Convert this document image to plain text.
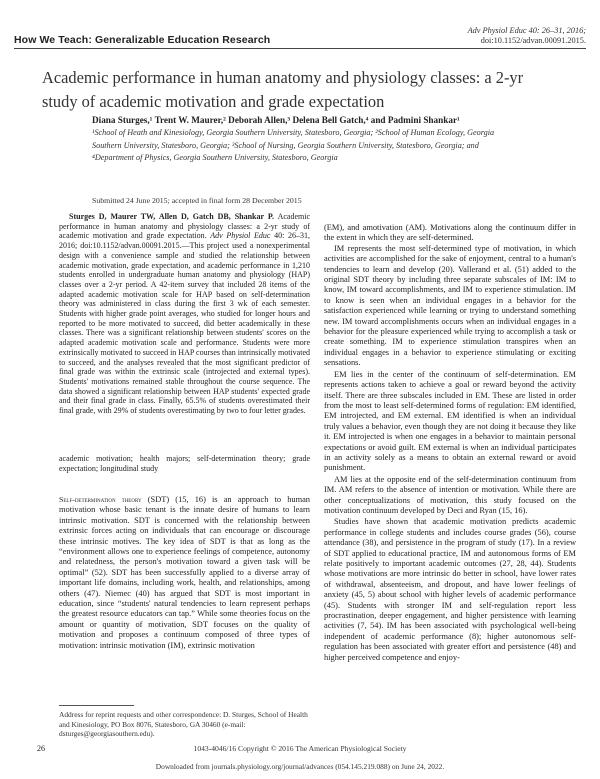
How We Teach: Generalizable Education Research
Adv Physiol Educ 40: 26–31, 2016;
doi:10.1152/advan.00091.2015.
Academic performance in human anatomy and physiology classes: a 2-yr study of academic motivation and grade expectation
Diana Sturges,¹ Trent W. Maurer,² Deborah Allen,³ Delena Bell Gatch,⁴ and Padmini Shankar¹
¹School of Heath and Kinesiology, Georgia Southern University, Statesboro, Georgia; ²School of Human Ecology, Georgia
Southern University, Statesboro, Georgia; ³School of Nursing, Georgia Southern University, Statesboro, Georgia; and
⁴Department of Physics, Georgia Southern University, Statesboro, Georgia
Submitted 24 June 2015; accepted in final form 28 December 2015

Sturges D, Maurer TW, Allen D, Gatch DB, Shankar P. Academic performance in human anatomy and physiology classes: a 2-yr study of academic motivation and grade expectation. Adv Physiol Educ 40: 26–31, 2016; doi:10.1152/advan.00091.2015.—This project used a nonexperimental design with a convenience sample and studied the relationship between academic motivation, grade expectation, and academic performance in 1,210 students enrolled in undergraduate human anatomy and physiology (HAP) classes over a 2-yr period. A 42-item survey that included 28 items of the adapted academic motivation scale for HAP based on self-determination theory was administered in class during the first 3 wk of each semester. Students with higher grade point averages, who studied for longer hours and reported to be more motivated to succeed, did better academically in these classes. There was a significant relationship between students' scores on the adapted academic motivation scale and performance. Students were more extrinsically motivated to succeed in HAP courses than intrinsically motivated to succeed, and the analyses revealed that the most significant predictor of final grade was within the extrinsic scale (introjected and external types). Students' motivations remained stable throughout the course sequence. The data showed a significant relationship between HAP students' expected grade and their final grade in class. Finally, 65.5% of students overestimated their final grade, with 29% of students overestimating by two to four letter grades.

academic motivation; health majors; self-determination theory; grade expectation; longitudinal study

Self-determination theory (SDT) (15, 16) is an approach to human motivation whose basic tenant is the innate desire of humans to learn intrinsic motivation. SDT is concerned with the relationship between extrinsic forces acting on individuals that can encourage or discourage these intrinsic motives. The key idea of SDT is that as long as the “environment allows one to experience feelings of competence, autonomy and relatedness, the person's motivation toward a given task will be optimal” (52). SDT has been successfully applied to a diverse array of important life domains, including work, health, and relationships, among others (47). Niemec (40) has argued that SDT is most important in education, since “students' natural tendencies to learn represent perhaps the greatest resource educators can tap.” While some theories focus on the amount or quantity of motivation, SDT focuses on the quality of motivation and proposes a continuum composed of three types of motivation: intrinsic motivation (IM), extrinsic motivation

(EM), and amotivation (AM). Motivations along the continuum differ in the extent in which they are self-determined.

IM represents the most self-determined type of motivation, in which activities are accomplished for the sake of enjoyment, central to a human's tendencies to learn and develop (20). Vallerand et al. (51) added to the original SDT theory by including three separate subscales of IM: IM to know, IM toward accomplishments, and IM to experience stimulation. IM to know is seen when an individual engages in a behavior for the satisfaction experienced while learning or trying to understand something new. IM toward accomplishments occurs when an individual engages in a behavior for the pleasure experienced while trying to accomplish a task or create something. IM to experience stimulation transpires when an individual engages in a behavior to experience stimulating or exciting sensations.

EM lies in the center of the continuum of self-determination. EM represents actions taken to achieve a goal or reward beyond the activity itself. There are three subscales included in EM. These are listed in order from the most to least self-determined forms of regulation: EM identified, EM introjected, and EM external. EM identified is when an individual truly values a behavior, even though they are not doing it because they like it. EM introjected is when one engages in a behavior to maintain personal expectations or avoid guilt. EM external is when an individual participates in an activity solely as a means to obtain an external reward or avoid punishment.

AM lies at the opposite end of the self-determination continuum from IM. AM refers to the absence of intention or motivation. While there are other conceptualizations of motivation, this study focused on the motivation continuum developed by Deci and Ryan (15, 16).

Studies have shown that academic motivation predicts academic performance in college students and includes course grades (56), course attendance (38), and persistence in the program of study (17). In a review of SDT applied to educational practice, IM and autonomous forms of EM relate positively to important academic outcomes (27, 28, 44). Students whose motivations are more intrinsic do better in school, have lower rates of withdrawal, absenteeism, and dropout, and have lower feelings of anxiety (45, 5) about school with higher levels of academic performance (45). Students with stronger IM and self-regulation report less procrastination, deeper engagement, and higher persistence with learning activities (7, 54). IM has been associated with psychological well-being independent of academic performance (8); higher autonomous self-regulation has been associated with greater effort and persistence (48) and higher perceived competence and enjoy-

Address for reprint requests and other correspondence: D. Sturges, School of Health and Kinesiology, PO Box 8076, Statesboro, GA 30460 (e-mail: dsturges@georgiasouthern.edu).
1043-4046/16 Copyright © 2016 The American Physiological Society
26
Downloaded from journals.physiology.org/journal/advances (054.145.219.088) on June 24, 2022.
